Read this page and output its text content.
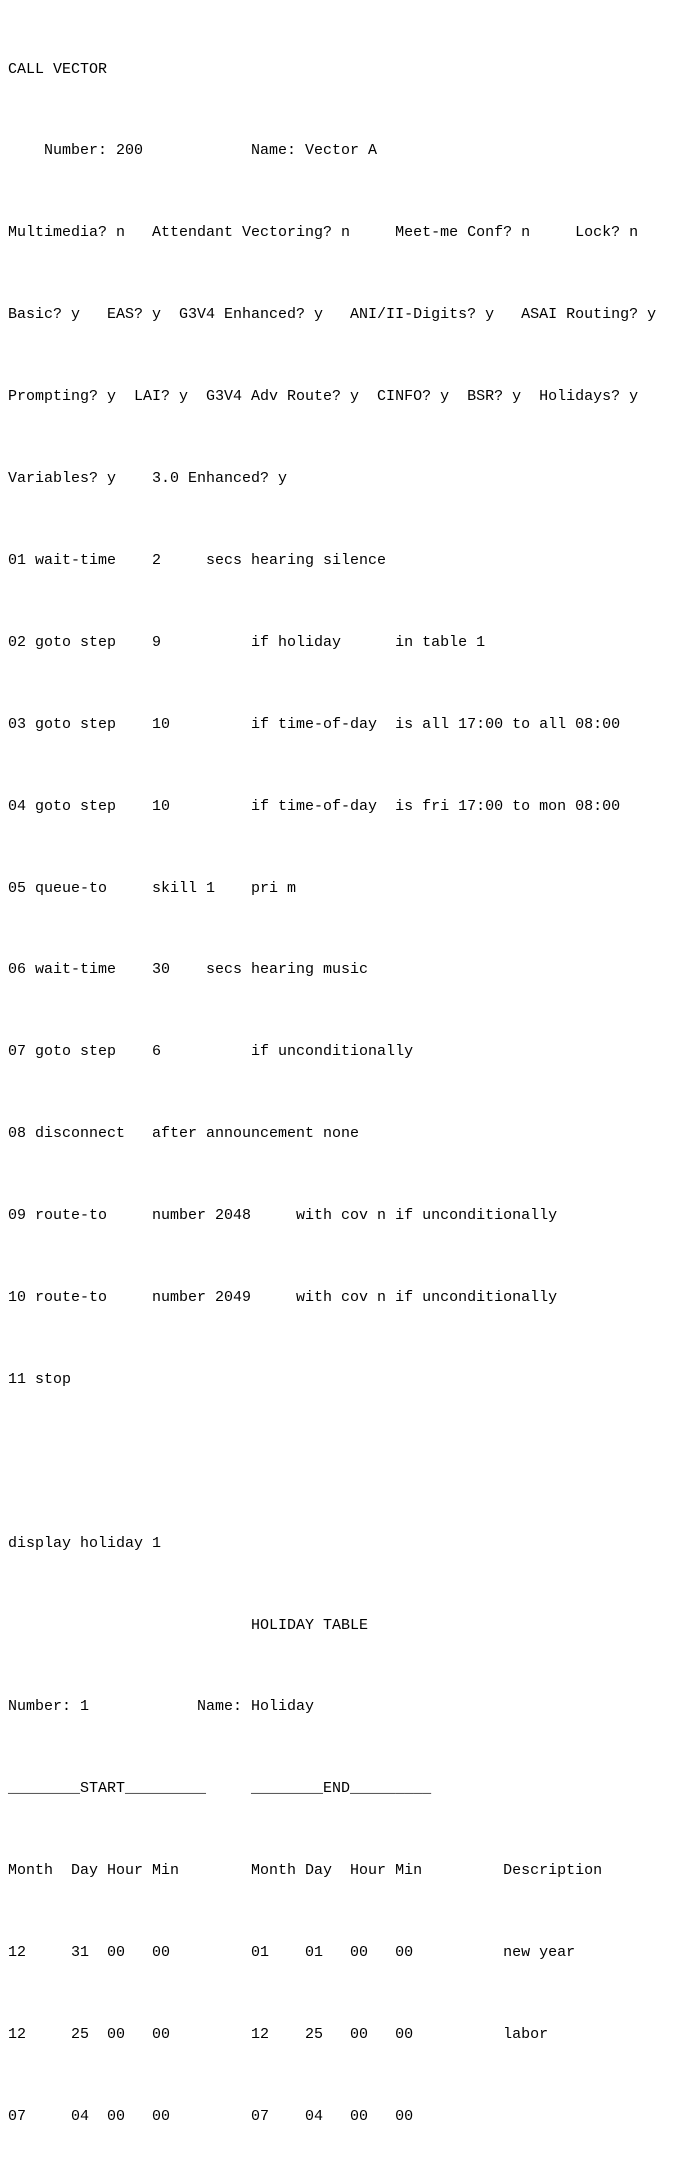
CALL VECTOR

Number: 200            Name: Vector A

Multimedia? n   Attendant Vectoring? n     Meet-me Conf? n     Lock? n

Basic? y   EAS? y  G3V4 Enhanced? y   ANI/II-Digits? y   ASAI Routing? y

Prompting? y  LAI? y  G3V4 Adv Route? y  CINFO? y  BSR? y  Holidays? y

Variables? y    3.0 Enhanced? y

01 wait-time    2     secs hearing silence

02 goto step    9          if holiday      in table 1

03 goto step    10         if time-of-day  is all 17:00 to all 08:00

04 goto step    10         if time-of-day  is fri 17:00 to mon 08:00

05 queue-to     skill 1    pri m

06 wait-time    30    secs hearing music

07 goto step    6          if unconditionally

08 disconnect   after announcement none

09 route-to     number 2048     with cov n if unconditionally

10 route-to     number 2049     with cov n if unconditionally

11 stop

display holiday 1

HOLIDAY TABLE

Number: 1            Name: Holiday

________START_________     ________END_________

Month  Day Hour Min        Month Day  Hour Min         Description

12     31  00   00         01    01   00   00          new year

12     25  00   00         12    25   00   00          labor

07     04  00   00         07    04   00   00
